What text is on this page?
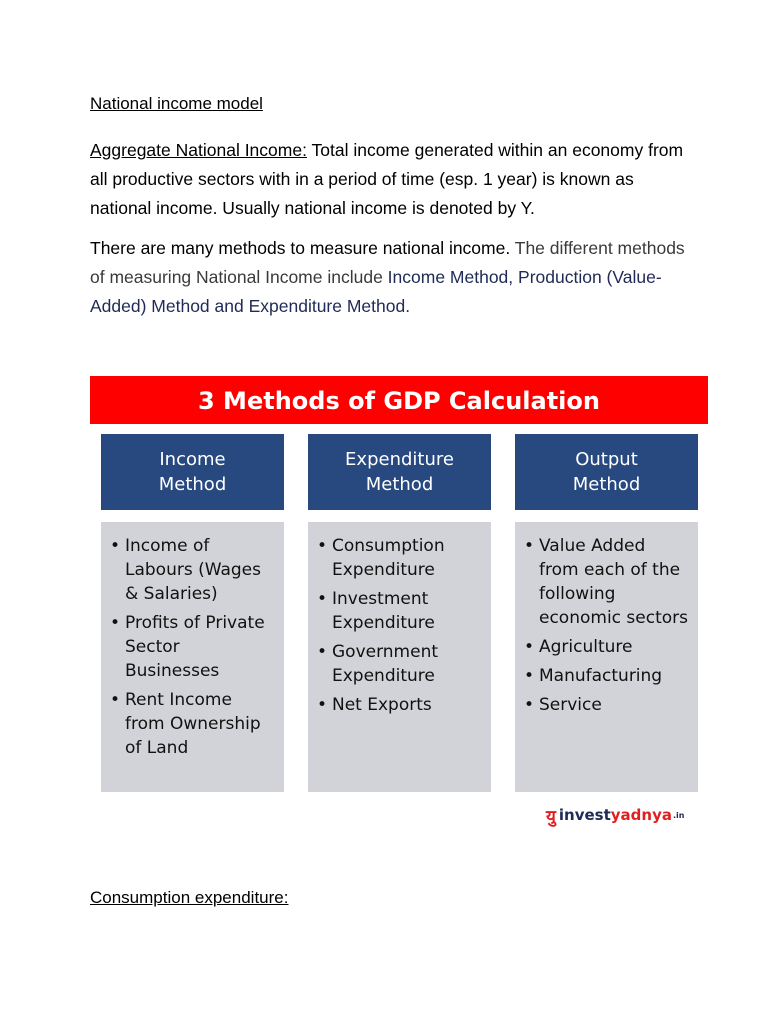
National income model
Aggregate National Income: Total income generated within an economy from all productive sectors with in a period of time (esp. 1 year) is known as national income. Usually national income is denoted by Y.
There are many methods to measure national income. The different methods of measuring National Income include Income Method, Production (Value-Added) Method and Expenditure Method.
3 Methods of GDP Calculation
Income
Method
Expenditure
Method
Output
Method
• Income of Labours (Wages & Salaries)
• Profits of Private Sector Businesses
• Rent Income from Ownership of Land
• Consumption Expenditure
• Investment Expenditure
• Government Expenditure
• Net Exports
• Value Added from each of the following economic sectors
• Agriculture
• Manufacturing
• Service
यु invest yadnya .in
Consumption expenditure:
